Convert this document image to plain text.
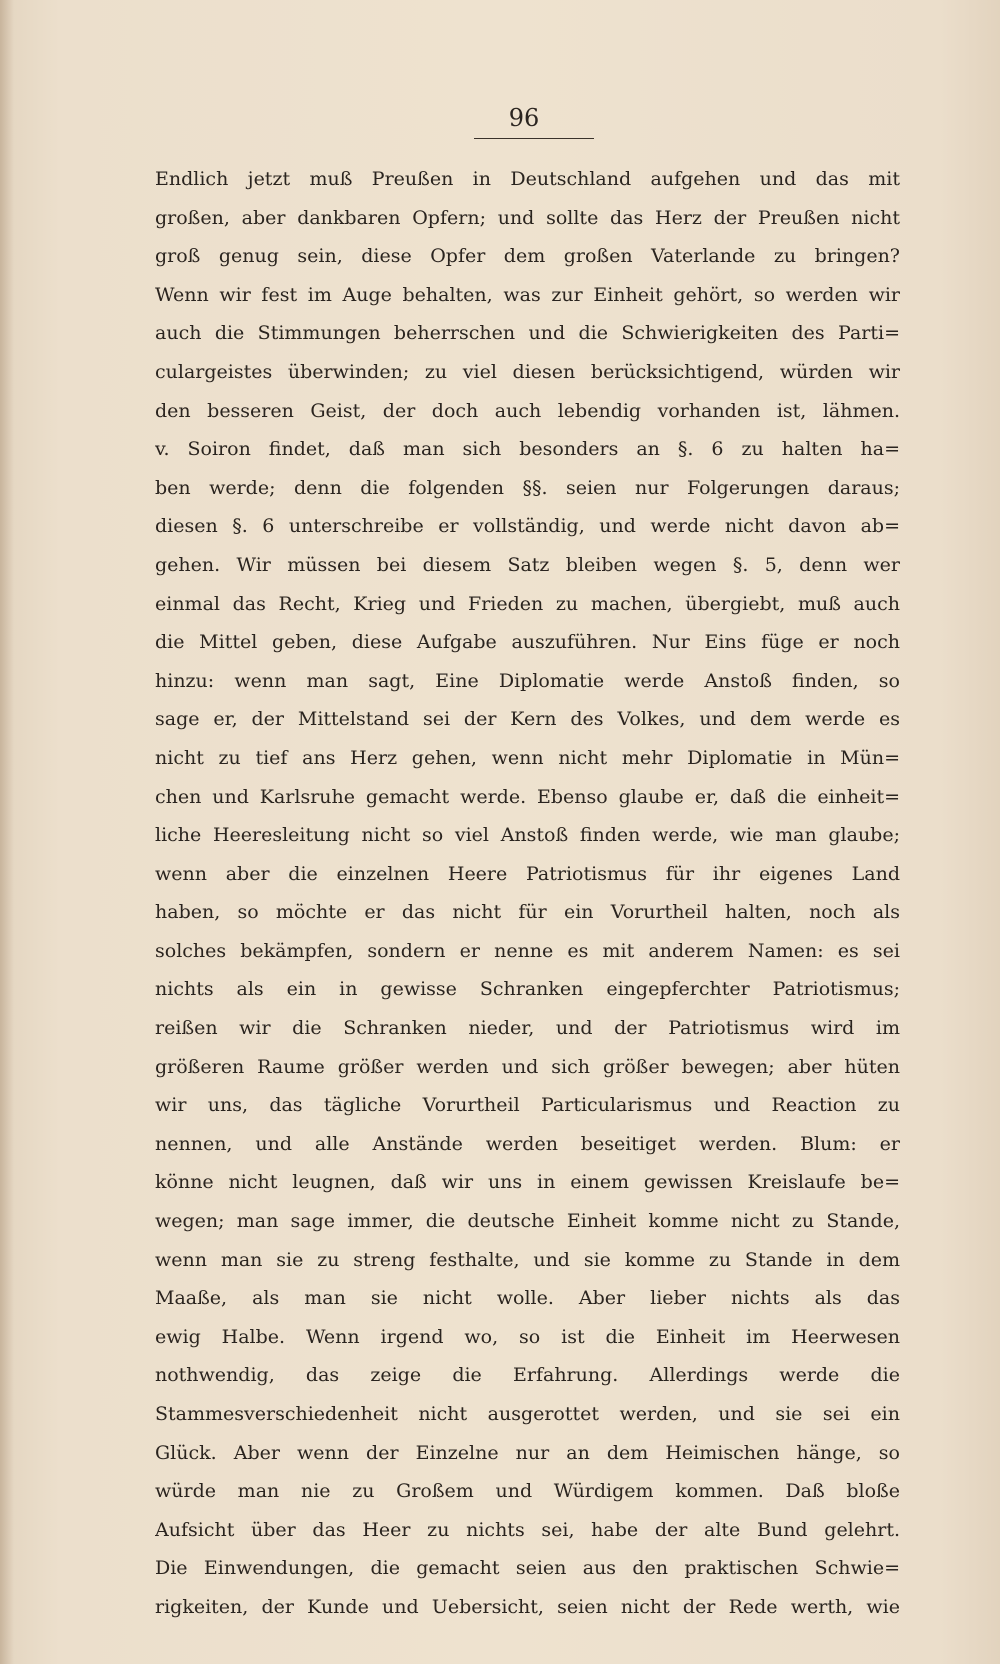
96
Endlich jetzt muß Preußen in Deutschland aufgehen und das mit
großen, aber dankbaren Opfern; und sollte das Herz der Preußen nicht
groß genug sein, diese Opfer dem großen Vaterlande zu bringen?
Wenn wir fest im Auge behalten, was zur Einheit gehört, so werden wir
auch die Stimmungen beherrschen und die Schwierigkeiten des Parti=
culargeistes überwinden; zu viel diesen berücksichtigend, würden wir
den besseren Geist, der doch auch lebendig vorhanden ist, lähmen.
v. Soiron findet, daß man sich besonders an §. 6 zu halten ha=
ben werde; denn die folgenden §§. seien nur Folgerungen daraus;
diesen §. 6 unterschreibe er vollständig, und werde nicht davon ab=
gehen. Wir müssen bei diesem Satz bleiben wegen §. 5, denn wer
einmal das Recht, Krieg und Frieden zu machen, übergiebt, muß auch
die Mittel geben, diese Aufgabe auszuführen. Nur Eins füge er noch
hinzu: wenn man sagt, Eine Diplomatie werde Anstoß finden, so
sage er, der Mittelstand sei der Kern des Volkes, und dem werde es
nicht zu tief ans Herz gehen, wenn nicht mehr Diplomatie in Mün=
chen und Karlsruhe gemacht werde. Ebenso glaube er, daß die einheit=
liche Heeresleitung nicht so viel Anstoß finden werde, wie man glaube;
wenn aber die einzelnen Heere Patriotismus für ihr eigenes Land
haben, so möchte er das nicht für ein Vorurtheil halten, noch als
solches bekämpfen, sondern er nenne es mit anderem Namen: es sei
nichts als ein in gewisse Schranken eingepferchter Patriotismus;
reißen wir die Schranken nieder, und der Patriotismus wird im
größeren Raume größer werden und sich größer bewegen; aber hüten
wir uns, das tägliche Vorurtheil Particularismus und Reaction zu
nennen, und alle Anstände werden beseitiget werden. Blum: er
könne nicht leugnen, daß wir uns in einem gewissen Kreislaufe be=
wegen; man sage immer, die deutsche Einheit komme nicht zu Stande,
wenn man sie zu streng festhalte, und sie komme zu Stande in dem
Maaße, als man sie nicht wolle. Aber lieber nichts als das
ewig Halbe. Wenn irgend wo, so ist die Einheit im Heerwesen
nothwendig, das zeige die Erfahrung. Allerdings werde die
Stammesverschiedenheit nicht ausgerottet werden, und sie sei ein
Glück. Aber wenn der Einzelne nur an dem Heimischen hänge, so
würde man nie zu Großem und Würdigem kommen. Daß bloße
Aufsicht über das Heer zu nichts sei, habe der alte Bund gelehrt.
Die Einwendungen, die gemacht seien aus den praktischen Schwie=
rigkeiten, der Kunde und Uebersicht, seien nicht der Rede werth, wie
